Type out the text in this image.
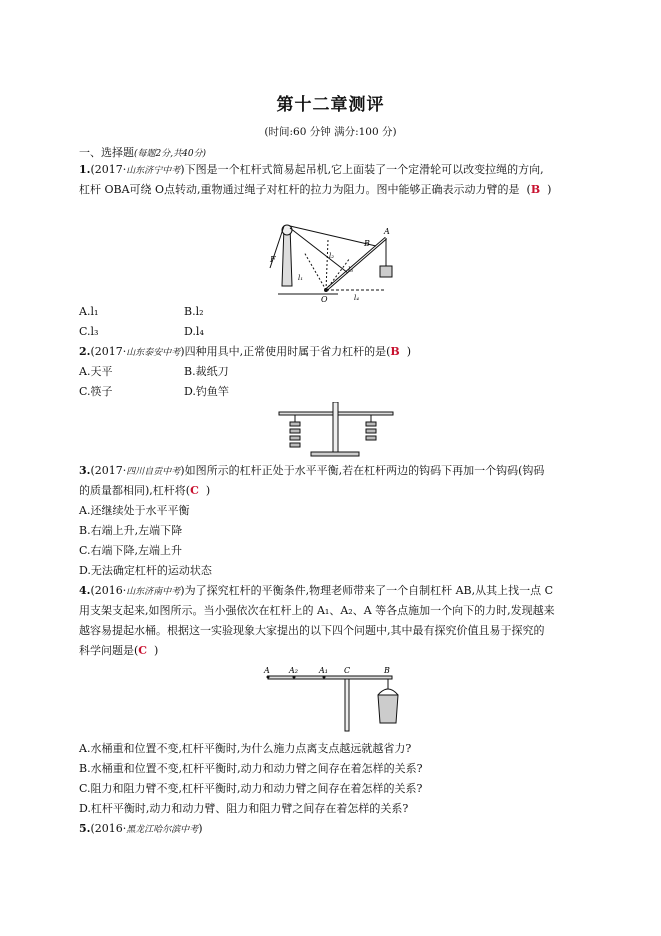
第十二章测评
(时间:60 分钟 满分:100 分)
一、选择题(每题2分,共40分)
1.(2017·山东济宁中考)下图是一个杠杆式简易起吊机,它上面装了一个定滑轮可以改变拉绳的方向,
杠杆 OBA可绕 O点转动,重物通过绳子对杠杆的拉力为阻力。图中能够正确表示动力臂的是  (B  )
F
O
A
B
l₁
l₂
l₃
l₄
A.l₁	B.l₂
C.l₃	D.l₄
2.(2017·山东泰安中考)四种用具中,正常使用时属于省力杠杆的是(B  )
A.天平	B.裁纸刀
C.筷子	D.钓鱼竿
3.(2017·四川自贡中考)如图所示的杠杆正处于水平平衡,若在杠杆两边的钩码下再加一个钩码(钩码
的质量都相同),杠杆将(C  )
A.还继续处于水平平衡
B.右端上升,左端下降
C.右端下降,左端上升
D.无法确定杠杆的运动状态
4.(2016·山东济南中考)为了探究杠杆的平衡条件,物理老师带来了一个自制杠杆 AB,从其上找一点 C
用支架支起来,如图所示。当小强依次在杠杆上的 A₁、A₂、A 等各点施加一个向下的力时,发现越来
越容易提起水桶。根据这一实验现象大家提出的以下四个问题中,其中最有探究价值且易于探究的
科学问题是(C  )
A A₂	A₁ C	B
A.水桶重和位置不变,杠杆平衡时,为什么施力点离支点越远就越省力?
B.水桶重和位置不变,杠杆平衡时,动力和动力臂之间存在着怎样的关系?
C.阻力和阻力臂不变,杠杆平衡时,动力和动力臂之间存在着怎样的关系?
D.杠杆平衡时,动力和动力臂、阻力和阻力臂之间存在着怎样的关系?
5.(2016·黑龙江哈尔滨中考)
